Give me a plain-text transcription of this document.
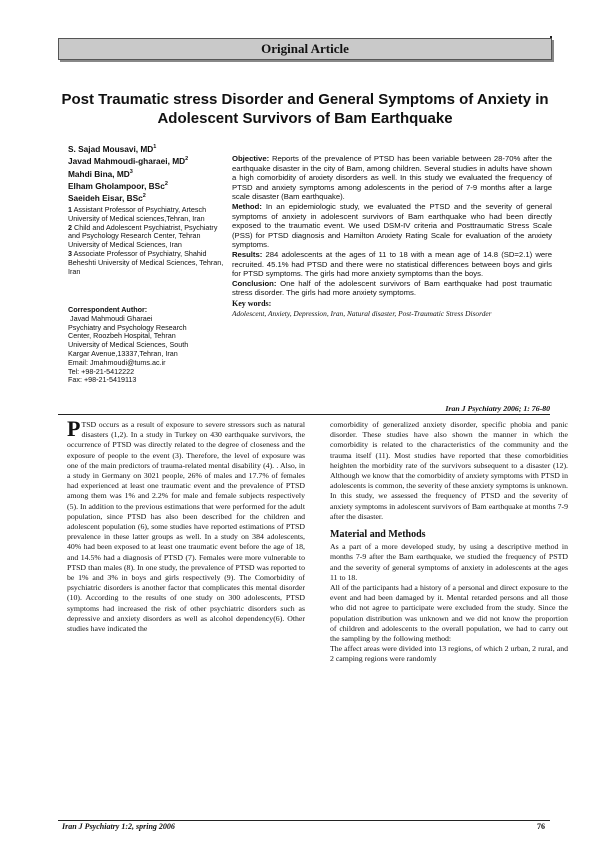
Original Article
Post Traumatic stress Disorder and General Symptoms of Anxiety in Adolescent Survivors of Bam Earthquake
S. Sajad Mousavi, $MD^1$
Javad Mahmoudi-gharaei, $MD^2$
Mahdi Bina, $MD^3$
Elham Gholampoor, BSc$^2$
Saeideh Eisar, BSc$^2$

1 Assistant Professor of Psychiatry, Artesch University of Medical sciences,Tehran, Iran

2 Child and Adolescent Psychiatrist, Psychiatry and Psychology Research Center, Tehran University of Medical Sciences, Iran

3 Associate Professor of Psychiatry, Shahid Beheshti University of Medical Sciences, Tehran, Iran

Correspondent Author:
Javad Mahmoudi Gharaei
Psychiatry and Psychology Research
Center, Roozbeh Hospital, Tehran
University of Medical Sciences, South
Kargar Avenue,13337,Tehran, Iran
Email: Jmahmoudi@tums.ac.ir
Tel: +98-21-5412222
Fax: +98-21-5419113

Objective: Reports of the prevalence of PTSD has been variable between 28-70% after the earthquake disaster in the city of Bam, among children. Several studies in adults have shown a high comorbidity of anxiety disorders as well. In this study we evaluated the frequency of PTSD and anxiety symptoms among adolescents in the period of 7-9 months after a large scale disaster (Bam earthquake).

Method: In an epidemiologic study, we evaluated the PTSD and the severity of general symptoms of anxiety in adolescent survivors of Bam earthquake who had been directly exposed to the traumatic event. We used DSM-IV criteria and Posttraumatic Stress Scale (PSS) for PTSD diagnosis and Hamilton Anxiety Rating Scale for evaluation of the anxiety symptoms.

Results: 284 adolescents at the ages of 11 to 18 with a mean age of 14.8 (SD=2.1) were recruited. 45.1% had PTSD and there were no statistical differences between boys and girls for PTSD symptoms. The girls had more anxiety symptoms than the boys.

Conclusion: One half of the adolescent survivors of Bam earthquake had post traumatic stress disorder. The girls had more anxiety symptoms.

Key words:
Adolescent, Anxiety, Depression, Iran, Natural disaster, Post-Traumatic Stress Disorder
Iran J Psychiatry 2006; 1: 76-80

PTSD occurs as a result of exposure to severe stressors such as natural disasters (1,2). In a study in Turkey on 430 earthquake survivors, the occurrence of PTSD was directly related to the degree of closeness and the exposure of people to the event (3). Therefore, the level of exposure was one of the main predictors of trauma-related mental disability (4). . Also, in a study in Germany on 3021 people, 26% of males and 17.7% of females had experienced at least one traumatic event and the prevalence of PTSD among them was 1% and 2.2% for male and female subjects respectively (5). In addition to the previous estimations that were performed for the adult population, since PTSD has also been described for the children and adolescent population (6), some studies have reported estimations of PTSD prevalence in these latter groups as well. In a study on 384 adolescents, 40% had been exposed to at least one traumatic event before the age of 18, and 14.5% had a diagnosis of PTSD (7). Females were more vulnerable to PTSD than males (8). In one study, the prevalence of PTSD was reported to be 1% and 3% in boys and girls respectively (9). The Comorbidity of psychiatric disorders is another factor that complicates this mental disorder (10). According to the results of one study on 300 adolescents, PTSD symptoms had increased the risk of other psychiatric disorders such as depressive and anxiety disorders as well as alcohol dependency(6). Other studies have indicated the

comorbidity of generalized anxiety disorder, specific phobia and panic disorder. These studies have also shown the manner in which the comorbidity is related to the characteristics of the community and the trauma itself (11). Most studies have reported that these comorbidities heighten the morbidity rate of the survivors subsequent to a disaster (12). Although we know that the comorbidity of anxiety symptoms with PTSD in adolescents is common, the severity of these anxiety symptoms is unknown. In this study, we assessed the frequency of PTSD and the severity of anxiety symptoms in adolescent survivors of Bam earthquake at months 7-9 after the disaster.

Material and Methods

As a part of a more developed study, by using a descriptive method in months 7-9 after the Bam earthquake, we studied the frequency of PSTD and the severity of general symptoms of anxiety in adolescents at the ages 11 to 18.

All of the participants had a history of a personal and direct exposure to the event and had been damaged by it. Mental retarded persons and all those who did not agree to participate were excluded from the study. Since the population distribution was unknown and we did not know the proportion of children and adolescents to the overall population, we had to carry out the sampling by the following method:

The affect areas were divided into 13 regions, of which 2 urban, 2 rural, and 2 camping regions were randomly

Iran J Psychiatry 1:2, spring 2006	76
